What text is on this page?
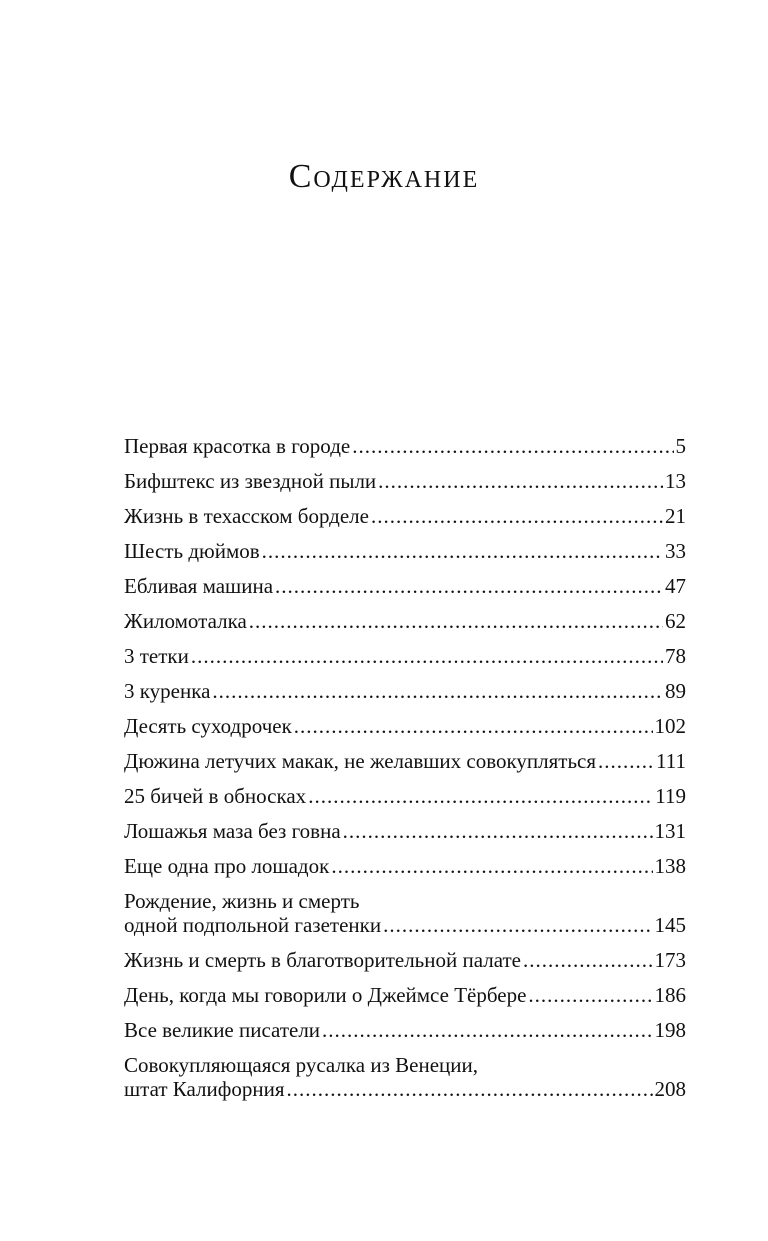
Содержание
Первая красотка в городе .....	5
Бифштекс из звездной пыли .....	13
Жизнь в техасском борделе .....	21
Шесть дюймов .....	33
Ебливая машина .....	47
Жиломоталка .....	62
3 тетки .....	78
3 куренка .....	89
Десять суходрочек .....	102
Дюжина летучих макак, не желавших совокупляться .....	111
25 бичей в обносках .....	119
Лошажья маза без говна .....	131
Еще одна про лошадок .....	138
Рождение, жизнь и смерть
одной подпольной газетенки .....	145
Жизнь и смерть в благотворительной палате .....	173
День, когда мы говорили о Джеймсе Тёрбере .....	186
Все великие писатели .....	198
Совокупляющаяся русалка из Венеции,
штат Калифорния .....	208
